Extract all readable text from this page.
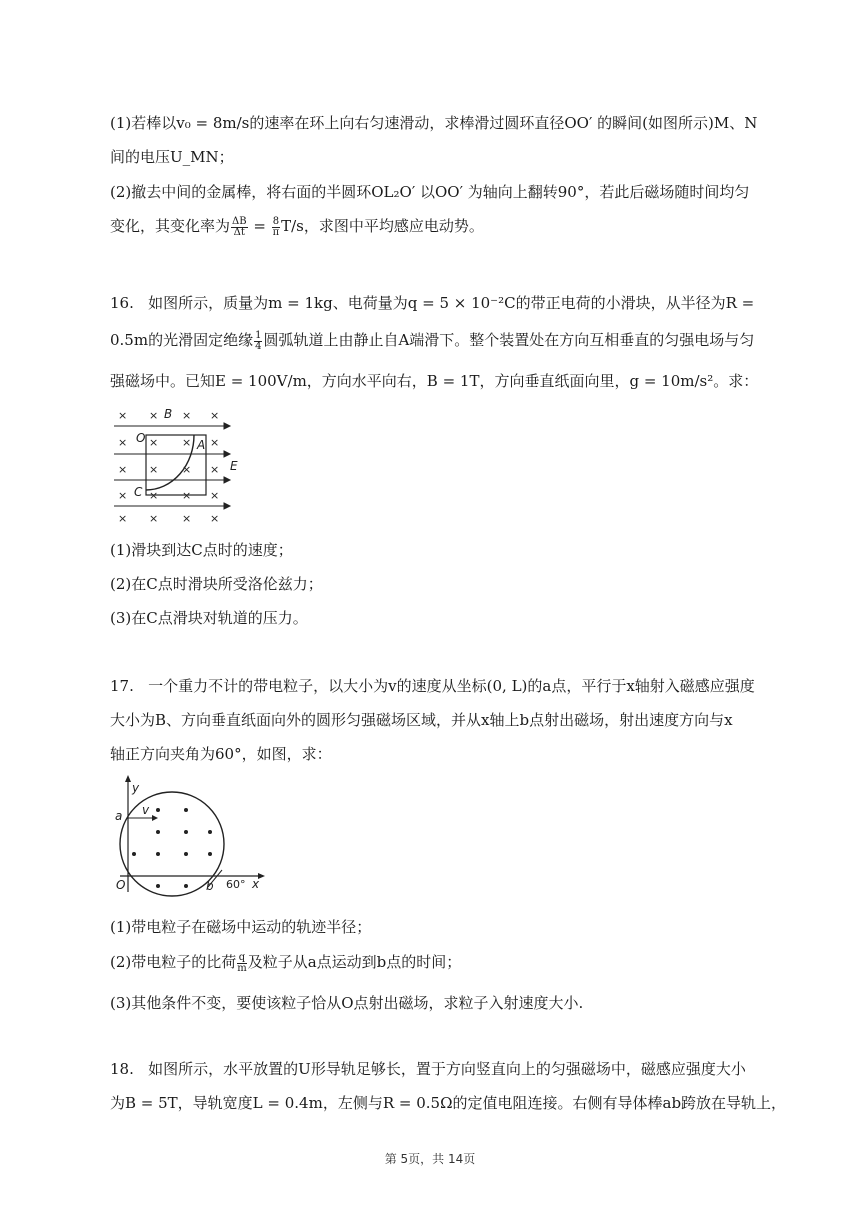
(1)若棒以v₀ = 8m/s的速率在环上向右匀速滑动，求棒滑过圆环直径OO′ 的瞬间(如图所示)M、N
间的电压U_MN；
(2)撤去中间的金属棒，将右面的半圆环OL₂O′ 以OO′ 为轴向上翻转90°，若此后磁场随时间均匀
变化，其变化率为 $\frac{\Delta B}{\Delta t} = \frac{8}{\pi} T/s$，求图中平均感应电动势。
16. 如图所示，质量为m = 1kg、电荷量为q = 5 × 10⁻²C的带正电荷的小滑块，从半径为R =
0.5m的光滑固定绝缘 $\frac{1}{4}$ 圆弧轨道上由静止自A端滑下。整个装置处在方向互相垂直的匀强电场与匀
强磁场中。已知E = 100V/m，方向水平向右，B = 1T，方向垂直纸面向里，g = 10m/s²。求：
× × × ×
× × × ×
× × × ×
× × × ×
× × × ×
B
O	A
C
E
(1)滑块到达C点时的速度；
(2)在C点时滑块所受洛伦兹力；
(3)在C点滑块对轨道的压力。
17. 一个重力不计的带电粒子，以大小为v的速度从坐标(0, L)的a点，平行于x轴射入磁感应强度
大小为B、方向垂直纸面向外的圆形匀强磁场区域，并从x轴上b点射出磁场，射出速度方向与x
轴正方向夹角为60°，如图，求：
y
a v
O	b 60° x
(1)带电粒子在磁场中运动的轨迹半径；
(2)带电粒子的比荷 $\frac{q}{m}$ 及粒子从a点运动到b点的时间；
(3)其他条件不变，要使该粒子恰从O点射出磁场，求粒子入射速度大小.
18. 如图所示，水平放置的U形导轨足够长，置于方向竖直向上的匀强磁场中，磁感应强度大小
为B = 5T，导轨宽度L = 0.4m，左侧与R = 0.5Ω的定值电阻连接。右侧有导体棒ab跨放在导轨上，
第 5页，共 14页
